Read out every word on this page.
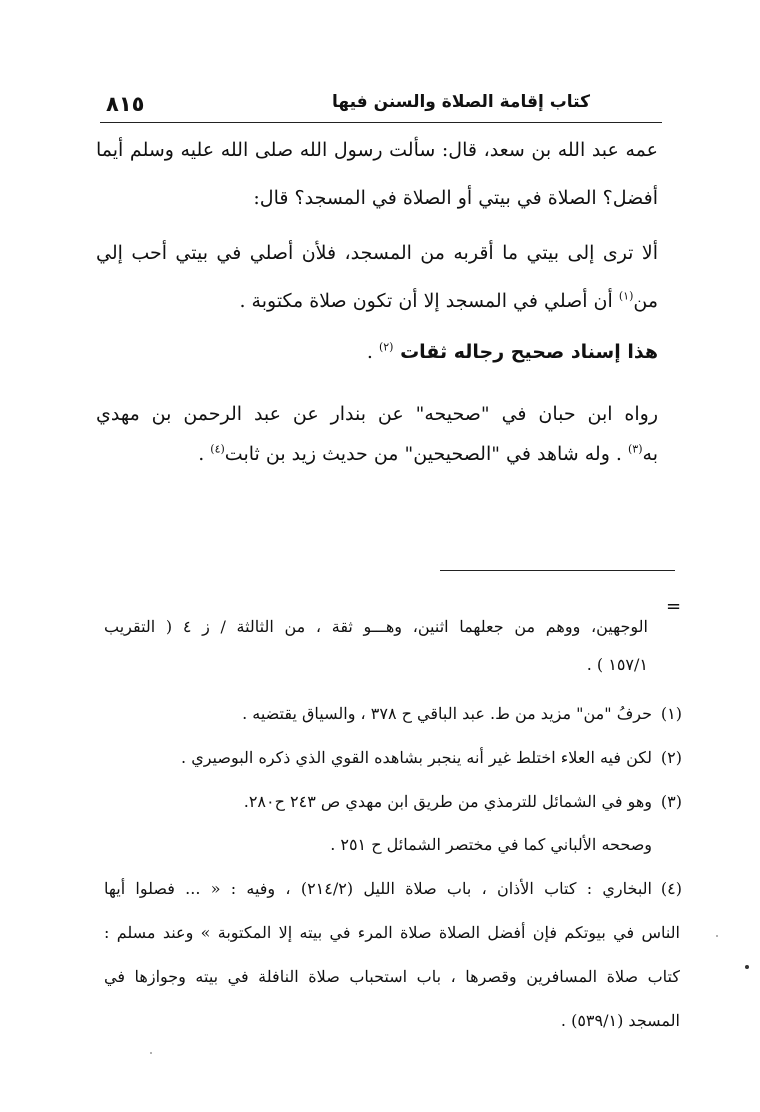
٨١٥	كتاب إقامة الصلاة والسنن فيها
عمه عبد الله بن سعد، قال: سألت رسول الله صلى الله عليه وسلم أيما
أفضل؟ الصلاة في بيتي أو الصلاة في المسجد؟ قال:
ألا ترى إلى بيتي ما أقربه من المسجد، فلأن أصلي في بيتي أحب إلي
من$^{(١)}$ أن أصلي في المسجد إلا أن تكون صلاة مكتوبة .
هذا إسناد صحيح رجاله ثقات $^{(٢)}$ .
رواه ابن حبان في "صحيحه" عن بندار عن عبد الرحمن بن مهدي
به$^{(٣)}$ . وله شاهد في "الصحيحين" من حديث زيد بن ثابت$^{(٤)}$ .
=
الوجهين، ووهم من جعلهما اثنين، وهـــو ثقة ، من الثالثة / ز ٤ ( التقريب
١٥٧/١ ) .
(١)
حرفُ "من" مزيد من ط. عبد الباقي ح ٣٧٨ ، والسياق يقتضيه .
(٢)
لكن فيه العلاء اختلط غير أنه ينجبر بشاهده القوي الذي ذكره البوصيري .
(٣)
وهو في الشمائل للترمذي من طريق ابن مهدي ص ٢٤٣ ح٢٨٠.
وصححه الألباني كما في مختصر الشمائل ح ٢٥١ .
(٤)
البخاري : كتاب الأذان ، باب صلاة الليل (٢١٤/٢) ، وفيه : « ... فصلوا أيها
الناس في بيوتكم فإن أفضل الصلاة صلاة المرء في بيته إلا المكتوبة » وعند مسلم :
كتاب صلاة المسافرين وقصرها ، باب استحباب صلاة النافلة في بيته وجوازها في
المسجد (٥٣٩/١) .
